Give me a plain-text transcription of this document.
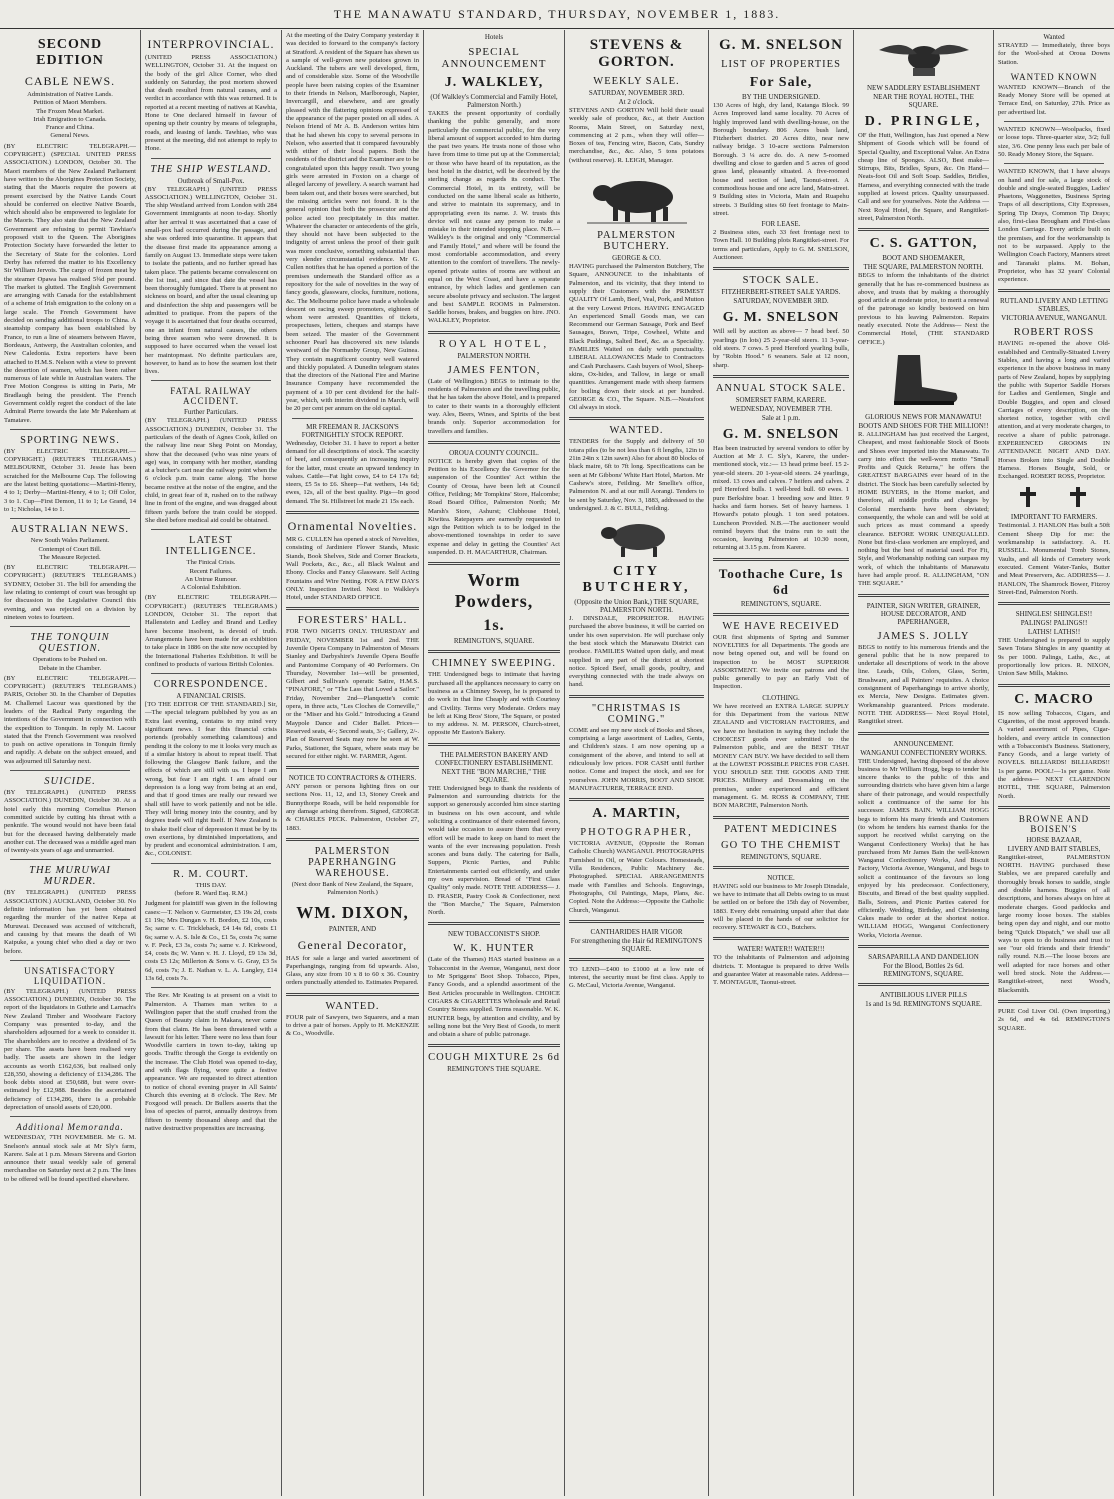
THE MANAWATU STANDARD, THURSDAY, NOVEMBER 1, 1883.
SECOND EDITION
CABLE NEWS.
Administration of Native Lands.
Petition of Maori Members.
The Frozen Meat Market.
Irish Emigration to Canada.
France and China.
General News.
(BY ELECTRIC TELEGRAPH.—COPYRIGHT.) (SPECIAL UNITED PRESS ASSOCIATION.) LONDON, October 30. The Maori members of the New Zealand Parliament have written to the Aborigines Protection Society, stating that the Maoris require the powers at present exercised by the Native Lands Court should be conferred on elective Native Boards, which should also be empowered to legislate for the Maoris. They also state that the New Zealand Government are refusing to permit Tawhiao's proposed visit to the Queen. The Aborigines Protection Society have forwarded the letter to the Secretary of State for the colonies. Lord Derby has referred the matter to his Excellency Sir William Jervois. The cargo of frozen meat by the steamer Opawa has realised 5¾d per pound. The market is glutted. The English Government are arranging with Canada for the establishment of a scheme of Irish emigration to the colony on a large scale. The French Government have decided on sending additional troops to China. A steamship company has been established by France, to run a line of steamers between Havre, Bordeaux, Antwerp, the Australian colonies, and New Caledonia. Extra reporters have been attached to H.M.S. Nelson with a view to prevent the desertion of seamen, which has been rather numerous of late while in Australian waters. The Free Motion Congress is sitting in Paris, Mr Bradlaugh being the president. The French Government coldly regret the conduct of the late Admiral Pierre towards the late Mr Pakenham at Tamatave.
SPORTING NEWS.
(BY ELECTRIC TELEGRAPH.—COPYRIGHT.) (REUTER'S TELEGRAMS.) MELBOURNE, October 31. Jessie has been scratched for the Melbourne Cup. The following are the latest betting quotations:—Martini-Henry, 4 to 1; Derby—Martini-Henry, 4 to 1; Off Color, 3 to 1. Cup—First Demon, 11 to 1; Le Grand, 14 to 1; Nicholas, 14 to 1.
AUSTRALIAN NEWS.
New South Wales Parliament.
Contempt of Court Bill.
The Measure Rejected.
(BY ELECTRIC TELEGRAPH.—COPYRIGHT.) (REUTER'S TELEGRAMS.) SYDNEY, October 31. The bill for amending the law relating to contempt of court was brought up for discussion in the Legislative Council this evening, and was rejected on a division by nineteen votes to fourteen.
THE TONQUIN QUESTION.
Operations to be Pushed on.
Debate in the Chamber.
(BY ELECTRIC TELEGRAPH.—COPYRIGHT.) (REUTER'S TELEGRAMS.) PARIS, October 30. In the Chamber of Deputies M. Challemel Lacour was questioned by the leaders of the Radical Party regarding the intentions of the Government in connection with the expedition to Tonquin. In reply M. Lacour stated that the French Government was resolved to push on active operations in Tonquin firmly and rapidly. A debate on the subject ensued, and was adjourned till Saturday next.
SUICIDE.
(BY TELEGRAPH.) (UNITED PRESS ASSOCIATION.) DUNEDIN, October 30. At a hotel early this morning Cornelius Pierson committed suicide by cutting his throat with a penknife. The wound would not have been fatal but for the deceased having deliberately made another cut. The deceased was a middle aged man of twenty-six years of age and unmarried.
THE MURUWAI MURDER.
(BY TELEGRAPH.) (UNITED PRESS ASSOCIATION.) AUCKLAND, October 30. No definite information has yet been obtained regarding the murder of the native Kepa at Muruwai. Deceased was accused of witchcraft, and causing by that means the death of Wi Kaipuke, a young chief who died a day or two before.
UNSATISFACTORY LIQUIDATION.
(BY TELEGRAPH.) (UNITED PRESS ASSOCIATION.) DUNEDIN, October 30. The report of the liquidators in Guthrie and Larnach's New Zealand Timber and Woodware Factory Company was presented to-day, and the shareholders adjourned for a week to consider it. The shareholders are to receive a dividend of 5s per share. The assets have been realised very badly. The assets are shown in the ledger accounts as worth £162,636, but realised only £28,350, showing a deficiency of £134,286. The book debts stood at £50,688, but were over-estimated by £12,988. Besides the ascertained deficiency of £134,286, there is a probable depreciation of unsold assets of £20,000.
Additional Memoranda.
WEDNESDAY, 7TH NOVEMBER. Mr G. M. Snelson's annual stock sale at Mr Sly's farm, Karere. Sale at 1 p.m. Messrs Stevens and Gorton announce their usual weekly sale of general merchandise on Saturday next at 2 p.m. The lines to be offered will be found specified elsewhere.
INTERPROVINCIAL.
(UNITED PRESS ASSOCIATION.) WELLINGTON, October 31. At the inquest on the body of the girl Alice Corner, who died suddenly on Saturday, the post mortem showed that death resulted from natural causes, and a verdict in accordance with this was returned. It is reported at a recent meeting of natives at Kawhia, Hone te One declared himself in favour of opening up their country by means of telegraphs, roads, and leasing of lands. Tawhiao, who was present at the meeting, did not attempt to reply to Hone.
THE SHIP WESTLAND.
Outbreak of Small-Pox.
(BY TELEGRAPH.) (UNITED PRESS ASSOCIATION.) WELLINGTON, October 31. The ship Westland arrived from London with 284 Government immigrants at noon to-day. Shortly after her arrival it was ascertained that a case of small-pox had occurred during the passage, and she was ordered into quarantine. It appears that the disease first made its appearance among a family on August 13. Immediate steps were taken to isolate the patients, and no further spread has taken place. The patients became convalescent on the 1st inst., and since that date the vessel has been thoroughly fumigated. There is at present no sickness on board, and after the usual cleaning up and disinfection the ship and passengers will be admitted to pratique. From the papers of the voyage it is ascertained that four deaths occurred, one an infant from natural causes, the others being three seamen who were drowned. It is supposed to have occurred when the vessel lost her maintopmast. No definite particulars are, however, to hand as to how the seamen lost their lives.
FATAL RAILWAY ACCIDENT.
Further Particulars.
(BY TELEGRAPH.) (UNITED PRESS ASSOCIATION.) DUNEDIN, October 31. The particulars of the death of Agnes Cook, killed on the railway line near Sheg Point on Monday, show that the deceased (who was nine years of age) was, in company with her mother, standing at a butcher's cart near the railway point when the 6 o'clock p.m. train came along. The horse became restive at the noise of the engine, and the child, in great fear of it, rushed on to the railway line in front of the engine, and was dragged about fifteen yards before the train could be stopped. She died before medical aid could be obtained.
LATEST INTELLIGENCE.
The Finical Crisis.
Recent Failures.
An Untrue Rumour.
A Colonial Exhibition.
(BY ELECTRIC TELEGRAPH.—COPYRIGHT.) (REUTER'S TELEGRAMS.) LONDON, October 31. The report that Hallenstein and Ledley and Brand and Ledley have become insolvent, is devoid of truth. Arrangements have been made for an exhibition to take place in 1886 on the site now occupied by the International Fisheries Exhibition. It will be confined to products of various British Colonies.
CORRESPONDENCE.
A FINANCIAL CRISIS.
[TO THE EDITOR OF THE STANDARD.] Sir,—The special telegram published by you as an Extra last evening, contains to my mind very significant news. I fear this financial crisis portends (probably something calamitous) and pending it the colony to me it looks very much as if a similar history is about to repeat itself. That following the Glasgow Bank failure, and the effects of which are still with us. I hope I am wrong, but fear I am right. I am afraid our depression is a long way from being at an end, and that if good times are really our reward we shall still have to work patiently and not be idle. They will bring money into the country, and by degrees trade will right itself. If New Zealand is to shake itself clear of depression it must be by its own exertions, by diminished importations, and by prudent and economical administration. I am, &c., COLONIST.
R. M. COURT.
THIS DAY.
(before R. Ward Esq. R.M.)
Judgment for plaintiff was given in the following cases:—T. Nelson v. Gurmeister, £3 19s 2d, costs £1 19s; Mrs Dungan v. H. Bordon, £2 10s, costs 5s; same v. C. Trickleback, £4 14s 6d, costs £1 6s; same v. A. S. Isle & Co., £1 5s, costs 7s; same v. F. Peck, £3 3s, costs 7s; same v. J. Kirkwood, £4, costs 8s; W. Vann v. H. J. Lloyd, £9 13s 3d, costs £3 12s; Millerton & Sons v. G. Gray, £3 5s 6d, costs 7s; J. E. Nathan v. L. A. Langley, £14 13s 6d, costs 7s.
The Rev. Mr Keating is at present on a visit to Palmerston. A Thames man writes to a Wellington paper that the stuff crushed from the Queen of Beauty claim in Makara, never came from that claim. He has been threatened with a lawsuit for his letter. There were no less than four Woodville carriers in town to-day, taking up goods. Traffic through the Gorge is evidently on the increase. The Club Hotel was opened to-day, and with flags flying, wore quite a festive appearance. We are requested to direct attention to notice of choral evening prayer in All Saints' Church this evening at 8 o'clock. The Rev. Mr Foxgood will preach. Dr Bullers asserts that the loss of species of parrot, annually destroys from fifteen to twenty thousand sheep and that the native destructive propensities are increasing.
At the meeting of the Dairy Company yesterday it was decided to forward to the company's factory at Stratford. A resident of the Square has shewn us a sample of well-grown new potatoes grown in Auckland. The tubers are well developed, firm, and of considerable size. Some of the Woodville people have been raising copies of the Examiner to their friends in Nelson, Marlborough, Napier, Invercargill, and elsewhere, and are greatly pleased with the flattering opinions expressed of the appearance of the paper posted on all sides. A Nelson friend of Mr A. B. Anderson writes him that he had shewn his copy to several persons in Nelson, who asserted that it compared favourably with either of their local papers. Both the residents of the district and the Examiner are to be congratulated upon this happy result. Two young girls were arrested in Foxton on a charge of alleged larceny of jewellery. A search warrant had been taken out, and their boxes were searched, but the missing articles were not found. It is the general opinion that both the prosecutor and the police acted too precipitately in this matter. Whatever the character or antecedents of the girls, they should not have been subjected to the indignity of arrest unless the proof of their guilt was more conclusive, something substantial than very slender circumstantial evidence. Mr G. Cullen notifies that he has opened a portion of the premises underneath the Standard office as a repository for the sale of novelties in the way of fancy goods, glassware, clocks, furniture, notions, &c. The Melbourne police have made a wholesale descent on racing sweep promoters, eighteen of whom were arrested. Quantities of tickets, prospectuses, letters, cheques and stamps have been seized. The master of the Government schooner Pearl has discovered six new islands westward of the Normanby Group, New Guinea. They contain magnificent country well watered and thickly populated. A Dunedin telegram states that the directors of the National Fire and Marine Insurance Company have recommended the payment of a 10 per cent dividend for the half-year, which, with interim dividend in March, will be 20 per cent per annum on the old capital.
MR FREEMAN R. JACKSON'S FORTNIGHTLY STOCK REPORT.
Wednesday, October 31. I have to report a better demand for all descriptions of stock. The scarcity of beef, and consequently an increasing inquiry for the latter, must create an upward tendency in values. Cattle—Fat light cows, £4 to £4 17s 6d; steers, £5 5s to £6. Sheep—Fat wethers, 14s 6d; ewes, 12s, all of the best quality. Pigs—In good demand. The St. Hillstreet lot made 21 15s each.
Ornamental Novelties.
MR G. CULLEN has opened a stock of Novelties, consisting of Jardiniere Flower Stands, Music Stands, Book Shelves, Side and Corner Brackets, Wall Pockets, &c., &c., all Black Walnut and Ebony. Clocks and Fancy Glassware. Self Acting Fountains and Wire Netting. FOR A FEW DAYS ONLY. Inspection Invited. Next to Walkley's Hotel, under STANDARD OFFICE.
FORESTERS' HALL.
FOR TWO NIGHTS ONLY. THURSDAY and FRIDAY, NOVEMBER 1st and 2nd. THE Juvenile Opera Company in Palmerston of Messrs Stanley and Darbyshire's Juvenile Opera Bouffe and Pantomime Company of 40 Performers. On Thursday, November 1st—will be presented, Gilbert and Sullivan's operatic Satire, H.M.S. "PINAFORE," or "The Lass that Loved a Sailor." Friday, November 2nd—Planquette's comic opera, in three acts, "Les Cloches de Corneville," or the "Miser and his Gold." Introducing a Grand Maypole Dance and Cider Ballet. Prices—Reserved seats, 4/-; Second seats, 3/-; Gallery, 2/-. Plan of Reserved Seats may now be seen at W. Parks, Stationer, the Square, where seats may be secured for either night. W. FARMER, Agent.
NOTICE TO CONTRACTORS & OTHERS.
ANY person or persons lighting fires on our sections Nos. 11, 12, and 13, Stoney Creek and Bunnythorpe Roads, will be held responsible for any damage arising therefrom. Signed, GEORGE & CHARLES PECK. Palmerston, October 27, 1883.
PALMERSTON PAPERHANGING WAREHOUSE.
(Next door Bank of New Zealand, the Square, Palmerston North.)
WM. DIXON,
PAINTER, AND
General Decorator,
HAS for sale a large and varied assortment of Paperhangings, ranging from 6d upwards. Also, Glass, any size from 10 x 8 to 60 x 36. Country orders punctually attended to. Estimates Prepared.
WANTED.
FOUR pair of Sawyers, two Squarers, and a man to drive a pair of horses. Apply to H. McKENZIE & Co., Woodville.
Hotels
SPECIAL ANNOUNCEMENT
J. WALKLEY,
(Of Walkley's Commercial and Family Hotel, Palmerston North.)
TAKES the present opportunity of cordially thanking the public generally, and more particularly the commercial public, for the very liberal amount of support accorded to him during the past two years. He trusts none of those who have from time to time put up at the Commercial; or those who have heard of its reputation, as the best hotel in the district, will be deceived by the sterling change as regards its conduct. The Commercial Hotel, in its entirety, will be conducted on the same liberal scale as hitherto, and strive to maintain its supremacy, and in appropriating even its name. J. W. trusts this device will not cause any person to make a mistake in their intended stopping place. N.B.—Walkley's is the original and only "Commercial and Family Hotel," and where will be found the most comfortable accommodation, and every attention to the comfort of travellers. The newly-opened private suites of rooms are without an equal on the West Coast, and have a separate entrance, by which ladies and gentlemen can secure absolute privacy and seclusion. The largest and best SAMPLE ROOMS in Palmerston. Saddle horses, brakes, and buggies on hire. JNO. WALKLEY, Proprietor.
ROYAL HOTEL,
PALMERSTON NORTH.
JAMES FENTON,
(Late of Wellington.) BEGS to intimate to the residents of Palmerston and the travelling public, that he has taken the above Hotel, and is prepared to cater to their wants in a thoroughly efficient way. Ales, Beers, Wines, and Spirits of the best brands only. Superior accommodation for travellers and families.
OROUA COUNTY COUNCIL.
NOTICE is hereby given that copies of the Petition to his Excellency the Governor for the suspension of the Counties' Act within the County of Oroua, have been left at Council Office, Feilding; Mr Tompkins' Store, Halcombe; Road Board Office, Palmerston North; Mr Marsh's Store, Ashurst; Clubhouse Hotel, Kiwitea. Ratepayers are earnestly requested to sign the Petition which is to be lodged in the above-mentioned townships in order to save expense and delay in getting the Counties' Act suspended. D. H. MACARTHUR, Chairman.
Worm Powders,
1s.
REMINGTON'S, SQUARE.
CHIMNEY SWEEPING.
THE Undersigned begs to intimate that having purchased all the appliances necessary to carry on business as a Chimney Sweep, he is prepared to do work in that line Cheaply and with Courtesy and Civility. Terms very Moderate. Orders may be left at King Bros' Store, The Square, or posted to my address. N. M. PERSON, Church-street, opposite Mr Easton's Bakery.
THE PALMERSTON BAKERY AND CONFECTIONERY ESTABLISHMENT.
NEXT THE "BON MARCHE," THE SQUARE.
THE Undersigned begs to thank the residents of Palmerston and surrounding districts for the support so generously accorded him since starting in business on his own account, and while soliciting a continuance of their esteemed favors, would take occasion to assure them that every effort will be made to keep on hand to meet the wants of the ever increasing population. Fresh scones and buns daily. The catering for Balls, Suppers, Picnic Parties, and Public Entertainments carried out efficiently, and under my own supervision. Bread of "First Class Quality" only made. NOTE THE ADDRESS— J. D. FRASER, Pastry Cook & Confectioner, next the "Bon Marche," The Square, Palmerston North.
NEW TOBACCONIST'S SHOP.
W. K. HUNTER
(Late of the Thames) HAS started business as a Tobacconist in the Avenue, Wanganui, next door to Mr Spriggens' Boot Shop. Tobacco, Pipes, Fancy Goods, and a splendid assortment of the Best Articles procurable in Wellington. CHOICE CIGARS & CIGARETTES Wholesale and Retail Country Stores supplied. Terms reasonable. W. K. HUNTER begs, by attention and civility, and by selling none but the Very Best of Goods, to merit and obtain a share of public patronage.
COUGH MIXTURE 2s 6d
REMINGTON'S THE SQUARE.
STEVENS & GORTON.
WEEKLY SALE.
SATURDAY, NOVEMBER 3RD.
At 2 o'clock.
STEVENS AND GORTON Will hold their usual weekly sale of produce, &c., at their Auction Rooms, Main Street, on Saturday next, commencing at 2 p.m., when they will offer— Boxes of tea, Fencing wire, Bacon, Cats, Sundry merchandise, &c., &c. Also, 5 tons potatoes (without reserve). R. LEIGH, Manager.
PALMERSTON BUTCHERY.
GEORGE & CO.
HAVING purchased the Palmerston Butchery, The Square, ANNOUNCE to the inhabitants of Palmerston, and its vicinity, that they intend to supply their Customers with the PRIMEST QUALITY Of Lamb, Beef, Veal, Pork, and Mutton at the very Lowest Prices. HAVING ENGAGED An experienced Small Goods man, we can Recommend our German Sausage, Pork and Beef Sausages, Brawn, Tripe, Cowheel, White and Black Puddings, Salted Beef, &c. as a Speciality. FAMILIES Waited on daily with punctuality. LIBERAL ALLOWANCES Made to Contractors and Cash Purchasers. Cash buyers of Wool, Sheep-skins, Ox-hides, and Tallow, in large or small quantities. Arrangement made with sheep farmers for boiling down their stock at per hundred. GEORGE & CO., The Square. N.B.—Neatsfoot Oil always in stock.
WANTED.
TENDERS for the Supply and delivery of 50 totara piles (to be not less than 6 ft lengths, 12in to 21in 24in x 12in sawn) Also for about 80 blocks of black maire, 6ft to 7ft long. Specifications can be seen at Mr Gibbons' White Hart Hotel, Marton. Mr Cashew's store, Feilding. Mr Smellie's office, Palmerston N. and at our mill Aorangi. Tenders to be sent by Saturday, Nov. 3, 1883, addressed to the undersigned. J. & C. BULL, Feilding.
CITY BUTCHERY,
(Opposite the Union Bank,) THE SQUARE, PALMERSTON NORTH.
J. DINSDALE, PROPRIETOR. HAVING purchased the above business, it will be carried on under his own supervision. He will purchase only the best stock which the Manawatu District can produce. FAMILIES Waited upon daily, and meat supplied in any part of the district at shortest notice. Spiced Beef, small goods, poultry, and everything connected with the trade always on hand.
"CHRISTMAS IS COMING."
COME and see my new stock of Books and Shoes, comprising a large assortment of Ladies, Gents, and Children's sizes. I am now opening up a consignment of the above, and intend to sell at ridiculously low prices. FOR CASH until further notice. Come and inspect the stock, and see for yourselves. JOHN MORRIS, BOOT AND SHOE MANUFACTURER, TERRACE END.
A. MARTIN,
PHOTOGRAPHER,
VICTORIA AVENUE, (Opposite the Roman Catholic Church) WANGANUI. PHOTOGRAPHS Furnished in Oil, or Water Colours. Homesteads, Villa Residences, Public Machinery &c. Photographed. SPECIAL ARRANGEMENTS made with Families and Schools. Engravings, Photographs, Oil Paintings, Maps, Plans, &c. Copied. Note the Address:—Opposite the Catholic Church, Wanganui.
CANTHARIDES HAIR VIGOR
For strengthening the Hair 6d REMINGTON'S SQUARE.
TO LEND—£400 to £1000 at a low rate of interest, the security must be first class. Apply to G. McCaul, Victoria Avenue, Wanganui.
G. M. SNELSON
LIST OF PROPERTIES
For Sale,
BY THE UNDERSIGNED.
130 Acres of high, dry land, Katanga Block. 99 Acres Improved land same locality. 70 Acres of highly improved land with dwelling-house, on the Borough boundary. 806 Acres bush land, Fitzherbert district. 20 Acres ditto, near new railway bridge. 3 10-acre sections Palmerston Borough. 3 ¼ acre do. do. A new 5-roomed dwelling and close to garden and 5 acres of good grass land, pleasantly situated. A five-roomed house and section of land, Taonui-street. A commodious house and one acre land, Main-street. 9 Building sites in Victoria, Main and Ruapehu streets. 3 Building sites 60 feet frontage to Main-street.
FOR LEASE.
2 Business sites, each 33 feet frontage next to Town Hall. 10 Building plots Rangitikei-street. For terms and particulars, Apply to G. M. SNELSON, Auctioneer.
STOCK SALE.
FITZHERBERT-STREET SALE YARDS.
SATURDAY, NOVEMBER 3RD.
G. M. SNELSON
Will sell by auction as above— 7 head beef. 50 yearlings (in lots) 25 2-year-old steers. 11 3-year-old steers. 7 cows. 5 pred Hereford yearling bulls, by "Robin Hood." 6 weaners. Sale at 12 noon, sharp.
ANNUAL STOCK SALE.
SOMERSET FARM, KARERE.
WEDNESDAY, NOVEMBER 7TH.
Sale at 1 p.m.
G. M. SNELSON
Has been instructed by several vendors to offer by Auction at Mr J. C. Sly's, Karere, the under-mentioned stock, viz.:— 13 head prime beef. 15 2-year-old steers. 20 1-year-old steers. 24 yearlings, mixed. 13 cows and calves. 7 heifers and calves. 2 prd Hereford bulls. 1 well-bred bull. 60 ewes. 1 pure Berkshire boar. 1 breeding sow and litter. 9 hacks and farm horses. Set of heavy harness. 1 Howard's potato plough. 1 ton seed potatoes. Luncheon Provided. N.B.—The auctioneer would remind buyers that the trains run to suit the occasion, leaving Palmerston at 10.30 noon, returning at 3.15 p.m. from Karere.
Toothache Cure, 1s 6d
REMINGTON'S, SQUARE.
WE HAVE RECEIVED
OUR first shipments of Spring and Summer NOVELTIES for all Departments. The goods are now being opened out, and will be found on inspection to be MOST SUPERIOR ASSORTMENT. We invite our patrons and the public generally to pay an Early Visit of Inspection.
CLOTHING.
We have received an EXTRA LARGE SUPPLY for this Department from the various NEW ZEALAND and VICTORIAN FACTORIES, and we have no hesitation in saying they include the CHOICEST goods ever submitted to the Palmerston public, and are the BEST THAT MONEY CAN BUY. We have decided to sell them at the LOWEST POSSIBLE PRICES FOR CASH. YOU SHOULD SEE THE GOODS AND THE PRICES. Millinery and Dressmaking on the premises, under experienced and efficient management. G. M. ROSS & COMPANY, THE BON MARCHE, Palmerston North.
PATENT MEDICINES
GO TO THE CHEMIST
REMINGTON'S, SQUARE.
NOTICE.
HAVING sold our business to Mr Joseph Dinsdale, we have to intimate that all Debts owing to us must be settled on or before the 15th day of November, 1883. Every debt remaining unpaid after that date will be placed in the hands of our solicitor for recovery. STEWART & CO., Butchers.
WATER! WATER!! WATER!!!
TO the inhabitants of Palmerston and adjoining districts. T. Montague is prepared to drive Wells and guarantee Water at reasonable rates. Address— T. MONTAGUE, Taonui-street.
NEW SADDLERY ESTABLISHMENT
NEAR THE ROYAL HOTEL, THE SQUARE.
D. PRINGLE,
OF the Hutt, Wellington, has Just opened a New Shipment of Goods which will be found of Special Quality, and Exceptional Value. An Extra cheap line of Sponges. ALSO, Best make—Stirrups, Bits, Bridles, Spurs, &c. On Hand—Neats-foot Oil and Soft Soap. Saddles, Bridles, Harness, and everything connected with the trade supplied at lowest prices. Quality unsurpassed. Call and see for yourselves. Note the Address — Next Royal Hotel, the Square, and Rangitikei-street, Palmerston North.
C. S. GATTON,
BOOT AND SHOEMAKER,
THE SQUARE, PALMERSTON NORTH.
BEGS to inform the inhabitants of the district generally that he has re-commenced business as above, and trusts that by making a thoroughly good article at moderate price, to merit a renewal of the patronage so kindly bestowed on him previous to his leaving Palmerston. Repairs neatly executed. Note the Address— Next the Commercial Hotel, (THE STANDARD OFFICE.)
GLORIOUS NEWS FOR MANAWATU!
BOOTS AND SHOES FOR THE MILLION!!
R. ALLINGHAM has just received the Largest, Cheapest, and most fashionable Stock of Boots and Shoes ever imported into the Manawatu. To carry into effect the well-worn motto "Small Profits and Quick Returns," he offers the GREATEST BARGAINS ever heard of in the district. The Stock has been carefully selected by HOME BUYERS, in the Home market, and therefore, all middle profits and charges by Colonial merchants have been obviated; consequently, the whole can and will be sold at such prices as must command a speedy clearance. BEFORE WORK UNEQUALLED. None but first-class workmen are employed, and nothing but the best of material used. For Fit, Style, and Workmanship nothing can surpass my work, of which the inhabitants of Manawatu have had ample proof. R. ALLINGHAM, "ON THE SQUARE."
PAINTER, SIGN WRITER, GRAINER, HOUSE DECORATOR, AND PAPERHANGER,
JAMES S. JOLLY
BEGS to notify to his numerous friends and the general public that he is now prepared to undertake all descriptions of work in the above line. Leads, Oils, Colors, Glass, Scrim, Brushware, and all Painters' requisites. A choice consignment of Paperhangings to arrive shortly, ex Mercia, New Designs. Estimates given. Workmanship guaranteed. Prices moderate. NOTE THE ADDRESS— Next Royal Hotel, Rangitikei street.
ANNOUNCEMENT.
WANGANUI CONFECTIONERY WORKS.
THE Undersigned, having disposed of the above business to Mr William Hogg, begs to tender his sincere thanks to the public of this and surrounding districts who have given him a large share of their patronage, and would respectfully solicit a continuance of the same for his successor. JAMES BAIN. WILLIAM HOGG begs to inform his many friends and Customers (to whom he tenders his earnest thanks for the support he received whilst carrying on the Wanganui Confectionery Works) that he has purchased from Mr James Bain the well-known Wanganui Confectionery Works, And Biscuit Factory, Victoria Avenue, Wanganui, and begs to solicit a continuance of the favours so long enjoyed by his predecessor. Confectionery, Biscuits, and Bread of the best quality supplied. Balls, Soirees, and Picnic Parties catered for efficiently. Wedding, Birthday, and Christening Cakes made to order at the shortest notice. WILLIAM HOGG, Wanganui Confectionery Works, Victoria Avenue.
SARSAPARILLA AND DANDELION
For the Blood, Bottles 2s 6d. REMINGTON'S, SQUARE.
ANTIBILIOUS LIVER PILLS
1s and 1s 9d. REMINGTON'S SQUARE.
Wanted
STRAYED — Immediately, three boys for the Wool-shed at Oroua Downs Station.
WANTED KNOWN
WANTED KNOWN—Branch of the Ready Money Store will be opened at Terrace End, on Saturday, 27th. Price as per advertised list.
WANTED KNOWN—Woolpacks, fixed or loose tops. Three-quarter size, 3/2; full size, 3/6. One penny less each per bale of 50. Ready Money Store, the Square.
WANTED KNOWN, that I have always on hand and for sale, a large stock of double and single-seated Buggies, Ladies' Phaetons, Waggonettes, Business Spring Traps of all descriptions, City Expresses, Spring Tip Drays, Common Tip Drays; also, first-class Brougham and First-class London Carriage. Every article built on the premises, and for the workmanship is not to be surpassed. Apply to the Wellington Coach Factory, Manners street and Taranaki plains. M. Bohan, Proprietor, who has 32 years' Colonial experience.
RUTLAND LIVERY AND LETTING STABLES,
VICTORIA AVENUE, WANGANUI.
ROBERT ROSS
HAVING re-opened the above Old-established and Centrally-Situated Livery Stables, and having a long and varied experience in the above business in many parts of New Zealand, hopes by supplying the public with Superior Saddle Horses for Ladies and Gentlemen, Single and Double Buggies, and open and closed Carriages of every description, on the shortest notice, together with civil attention, and at very moderate charges, to receive a share of public patronage. EXPERIENCED GROOMS IN ATTENDANCE NIGHT AND DAY. Horses Broken into Single and Double Harness. Horses Bought, Sold, or Exchanged. ROBERT ROSS, Proprietor.
IMPORTANT TO FARMERS.
Testimonial. J. HANLON Has built a 50ft Cement Sheep Dip for me: the workmanship is satisfactory. A. H. RUSSELL. Monumental Tomb Stones, Vaults, and all kinds of Cemetery work executed. Cement Water-Tanks, Butter and Meat Preservers, &c. ADDRESS— J. HANLON, The Shamrock Bower, Fitzroy Street-End, Palmerston North.
SHINGLES! SHINGLES!!
PALINGS! PALINGS!!
LATHS! LATHS!!
THE Undersigned is prepared to supply Sawn Totara Shingles in any quantity at 9s per 1000. Palings, Laths, &c., at proportionally low prices. R. NIXON, Union Saw Mills, Makino.
C. MACRO
IS now selling Tobaccos, Cigars, and Cigarettes, of the most approved brands. A varied assortment of Pipes, Cigar-holders, and every article in connection with a Tobacconist's Business. Stationery, Fancy Goods, and a large variety of NOVELS. BILLIARDS! BILLIARDS!! 1s per game. POOL!—1s per game. Note the address— NEXT CLARENDON HOTEL, THE SQUARE, Palmerston North.
BROWNE AND BOISEN'S
HORSE BAZAAR,
LIVERY AND BAIT STABLES,
Rangitikei-street, PALMERSTON NORTH. HAVING purchased these Stables, we are prepared carefully and thoroughly break horses to saddle, single and double harness. Buggies of all descriptions, and horses always on hire at moderate charges. Good paddocks and large roomy loose boxes. The stables being open day and night, and our motto being "Quick Dispatch," we shall use all ways to open to do business and trust to see "our old friends and their friends" rally round. N.B.—The loose boxes are well adapted for race horses and other well bred stock. Note the Address.— Rangitikei-street, next Wood's, Blacksmith.
PURE Cod Liver Oil. (Own importing,) 2s 6d, and 4s 6d. REMINGTON'S SQUARE.
